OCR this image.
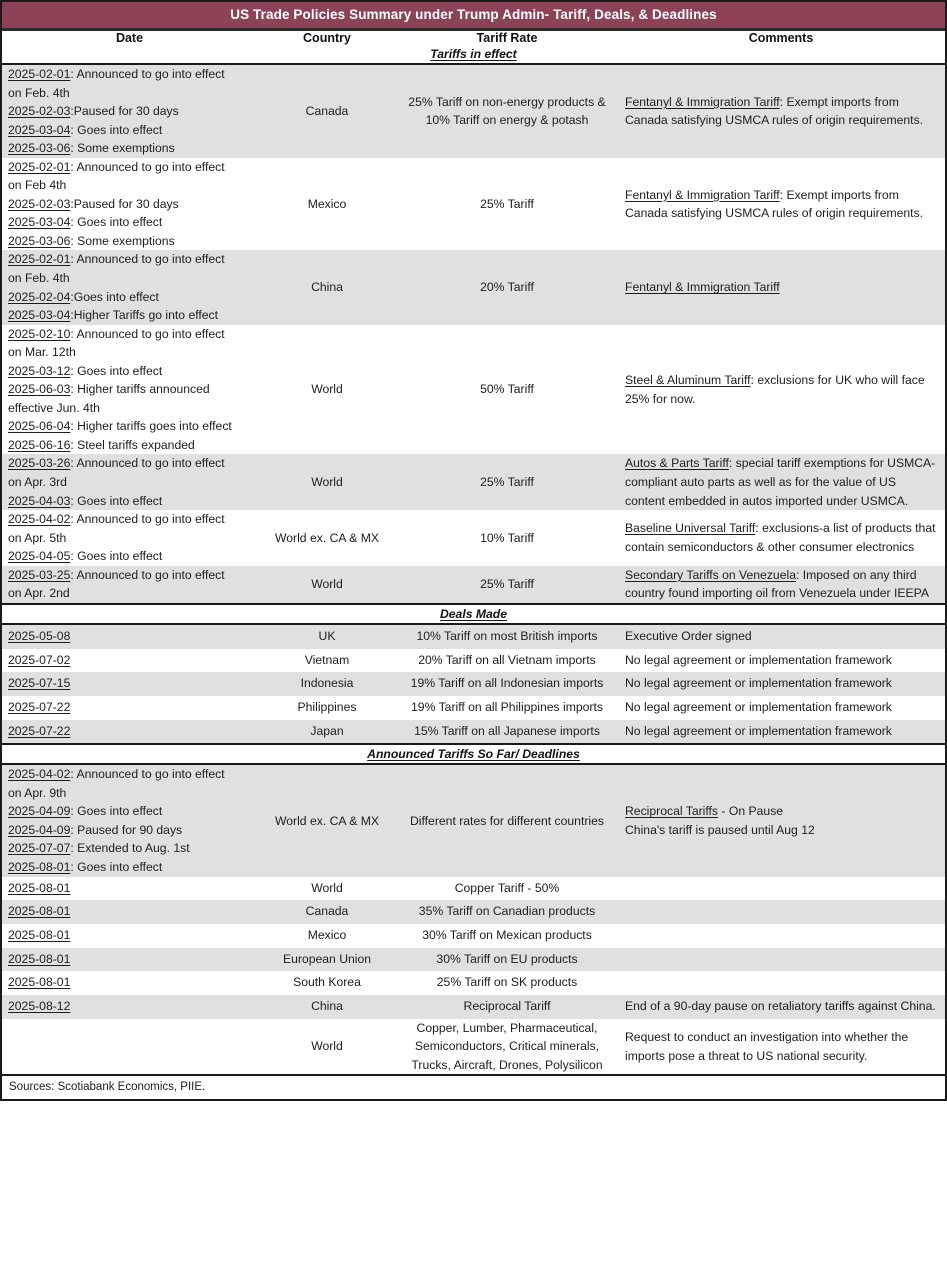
US Trade Policies Summary under Trump Admin- Tariff, Deals, & Deadlines
Date	Country	Tariff Rate	Comments
Tariffs in effect			

2025-02-01: Announced to go into effect
on Feb. 4th
2025-02-03:Paused for 30 days
2025-03-04: Goes into effect
2025-03-06: Some exemptions	Canada	25% Tariff on non-energy products & 10% Tariff on energy & potash	Fentanyl & Immigration Tariff: Exempt imports from Canada satisfying USMCA rules of origin requirements.

2025-02-01: Announced to go into effect
on Feb 4th
2025-02-03:Paused for 30 days
2025-03-04: Goes into effect
2025-03-06: Some exemptions	Mexico	25% Tariff	Fentanyl & Immigration Tariff: Exempt imports from Canada satisfying USMCA rules of origin requirements.

2025-02-01: Announced to go into effect
on Feb. 4th
2025-02-04:Goes into effect
2025-03-04:Higher Tariffs go into effect	China	20% Tariff	Fentanyl & Immigration Tariff

2025-02-10: Announced to go into effect
on Mar. 12th
2025-03-12: Goes into effect
2025-06-03: Higher tariffs announced
effective Jun. 4th
2025-06-04: Higher tariffs goes into effect
2025-06-16: Steel tariffs expanded
	World	50% Tariff	Steel & Aluminum Tariff: exclusions for UK who will face 25% for now.

2025-03-26: Announced to go into effect
on Apr. 3rd
2025-04-03: Goes into effect	World	25% Tariff	Autos & Parts Tariff: special tariff exemptions for USMCA-compliant auto parts as well as for the value of US content embedded in autos imported under USMCA.

2025-04-02: Announced to go into effect
on Apr. 5th
2025-04-05: Goes into effect	World ex. CA & MX	10% Tariff	Baseline Universal Tariff: exclusions-a list of products that contain semiconductors & other consumer electronics

2025-03-25: Announced to go into effect
on Apr. 2nd	World	25% Tariff	Secondary Tariffs on Venezuela: Imposed on any third country found importing oil from Venezuela under IEEPA
Deals Made			

2025-05-08	UK	10% Tariff on most British imports	Executive Order signed

2025-07-02	Vietnam	20% Tariff on all Vietnam imports	No legal agreement or implementation framework

2025-07-15	Indonesia	19% Tariff on all Indonesian imports	No legal agreement or implementation framework

2025-07-22	Philippines	19% Tariff on all Philippines imports	No legal agreement or implementation framework

2025-07-22	Japan	15% Tariff on all Japanese imports	No legal agreement or implementation framework
Announced Tariffs So Far/ Deadlines			

2025-04-02: Announced to go into effect
on Apr. 9th
2025-04-09: Goes into effect
2025-04-09: Paused for 90 days
2025-07-07: Extended to Aug. 1st
2025-08-01: Goes into effect
	World ex. CA & MX	Different rates for different countries	Reciprocal Tariffs - On Pause
China's tariff is paused until Aug 12

2025-08-01	World	Copper Tariff - 50%	

2025-08-01	Canada	35% Tariff on Canadian products	

2025-08-01	Mexico	30% Tariff on Mexican products	

2025-08-01	European Union	30% Tariff on EU products	

2025-08-01	South Korea	25% Tariff on SK products	

2025-08-12	China	Reciprocal Tariff	End of a 90-day pause on retaliatory tariffs against China.
	World	Copper, Lumber, Pharmaceutical, Semiconductors, Critical minerals, Trucks, Aircraft, Drones, Polysilicon	Request to conduct an investigation into whether the imports pose a threat to US national security.
Sources: Scotiabank Economics, PIIE.
